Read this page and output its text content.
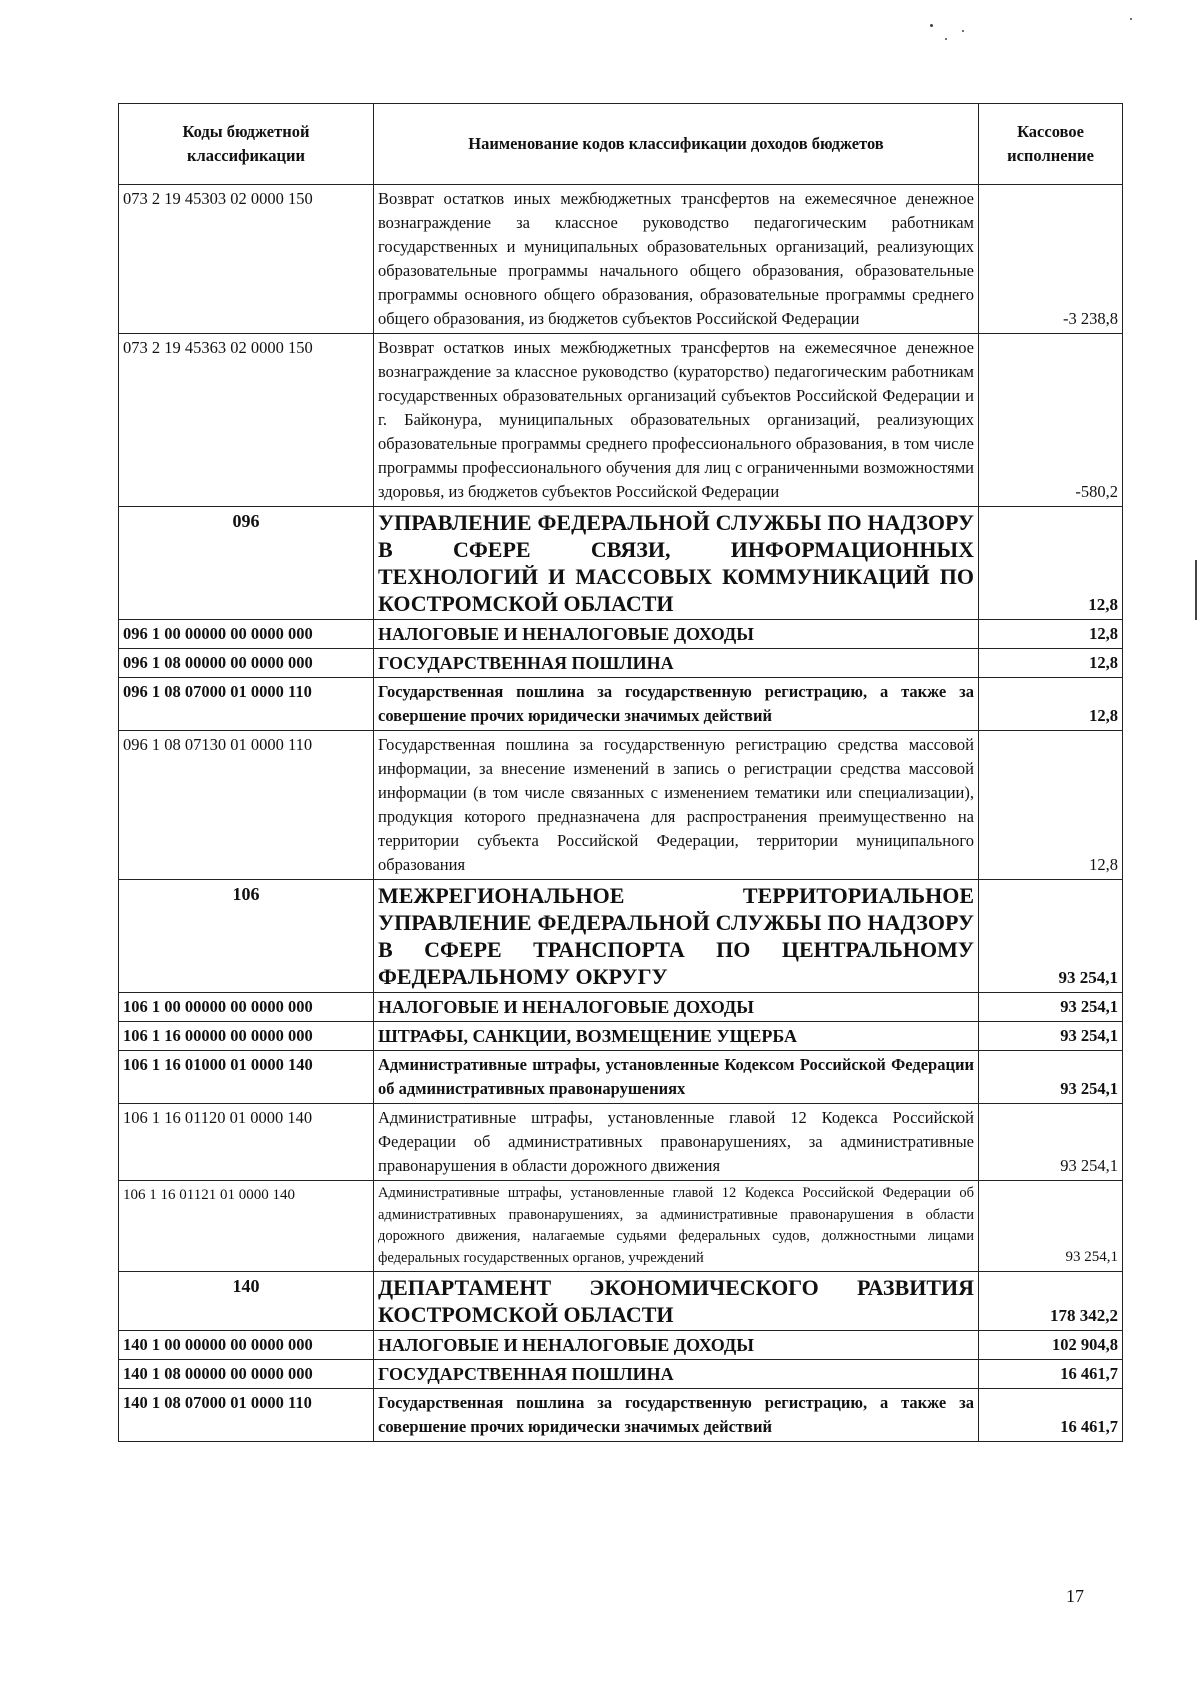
Коды бюджетной классификации	Наименование кодов классификации доходов бюджетов	Кассовое исполнение
073 2 19 45303 02 0000 150	Возврат остатков иных межбюджетных трансфертов на ежемесячное денежное вознаграждение за классное руководство педагогическим работникам государственных и муниципальных образовательных организаций, реализующих образовательные программы начального общего образования, образовательные программы основного общего образования, образовательные программы среднего общего образования, из бюджетов субъектов Российской Федерации	-3 238,8
073 2 19 45363 02 0000 150	Возврат остатков иных межбюджетных трансфертов на ежемесячное денежное вознаграждение за классное руководство (кураторство) педагогическим работникам государственных образовательных организаций субъектов Российской Федерации и г. Байконура, муниципальных образовательных организаций, реализующих образовательные программы среднего профессионального образования, в том числе программы профессионального обучения для лиц с ограниченными возможностями здоровья, из бюджетов субъектов Российской Федерации	-580,2
096	УПРАВЛЕНИЕ ФЕДЕРАЛЬНОЙ СЛУЖБЫ ПО НАДЗОРУ В СФЕРЕ СВЯЗИ, ИНФОРМАЦИОННЫХ ТЕХНОЛОГИЙ И МАССОВЫХ КОММУНИКАЦИЙ ПО КОСТРОМСКОЙ ОБЛАСТИ	12,8
096 1 00 00000 00 0000 000	НАЛОГОВЫЕ И НЕНАЛОГОВЫЕ ДОХОДЫ	12,8
096 1 08 00000 00 0000 000	ГОСУДАРСТВЕННАЯ ПОШЛИНА	12,8
096 1 08 07000 01 0000 110	Государственная пошлина за государственную регистрацию, а также за совершение прочих юридически значимых действий	12,8
096 1 08 07130 01 0000 110	Государственная пошлина за государственную регистрацию средства массовой информации, за внесение изменений в запись о регистрации средства массовой информации (в том числе связанных с изменением тематики или специализации), продукция которого предназначена для распространения преимущественно на территории субъекта Российской Федерации, территории муниципального образования	12,8
106	МЕЖРЕГИОНАЛЬНОЕ ТЕРРИТОРИАЛЬНОЕ УПРАВЛЕНИЕ ФЕДЕРАЛЬНОЙ СЛУЖБЫ ПО НАДЗОРУ В СФЕРЕ ТРАНСПОРТА ПО ЦЕНТРАЛЬНОМУ ФЕДЕРАЛЬНОМУ ОКРУГУ	93 254,1
106 1 00 00000 00 0000 000	НАЛОГОВЫЕ И НЕНАЛОГОВЫЕ ДОХОДЫ	93 254,1
106 1 16 00000 00 0000 000	ШТРАФЫ, САНКЦИИ, ВОЗМЕЩЕНИЕ УЩЕРБА	93 254,1
106 1 16 01000 01 0000 140	Административные штрафы, установленные Кодексом Российской Федерации об административных правонарушениях	93 254,1
106 1 16 01120 01 0000 140	Административные штрафы, установленные главой 12 Кодекса Российской Федерации об административных правонарушениях, за административные правонарушения в области дорожного движения	93 254,1
106 1 16 01121 01 0000 140	Административные штрафы, установленные главой 12 Кодекса Российской Федерации об административных правонарушениях, за административные правонарушения в области дорожного движения, налагаемые судьями федеральных судов, должностными лицами федеральных государственных органов, учреждений	93 254,1
140	ДЕПАРТАМЕНТ ЭКОНОМИЧЕСКОГО РАЗВИТИЯ КОСТРОМСКОЙ ОБЛАСТИ	178 342,2
140 1 00 00000 00 0000 000	НАЛОГОВЫЕ И НЕНАЛОГОВЫЕ ДОХОДЫ	102 904,8
140 1 08 00000 00 0000 000	ГОСУДАРСТВЕННАЯ ПОШЛИНА	16 461,7
140 1 08 07000 01 0000 110	Государственная пошлина за государственную регистрацию, а также за совершение прочих юридически значимых действий	16 461,7
17
